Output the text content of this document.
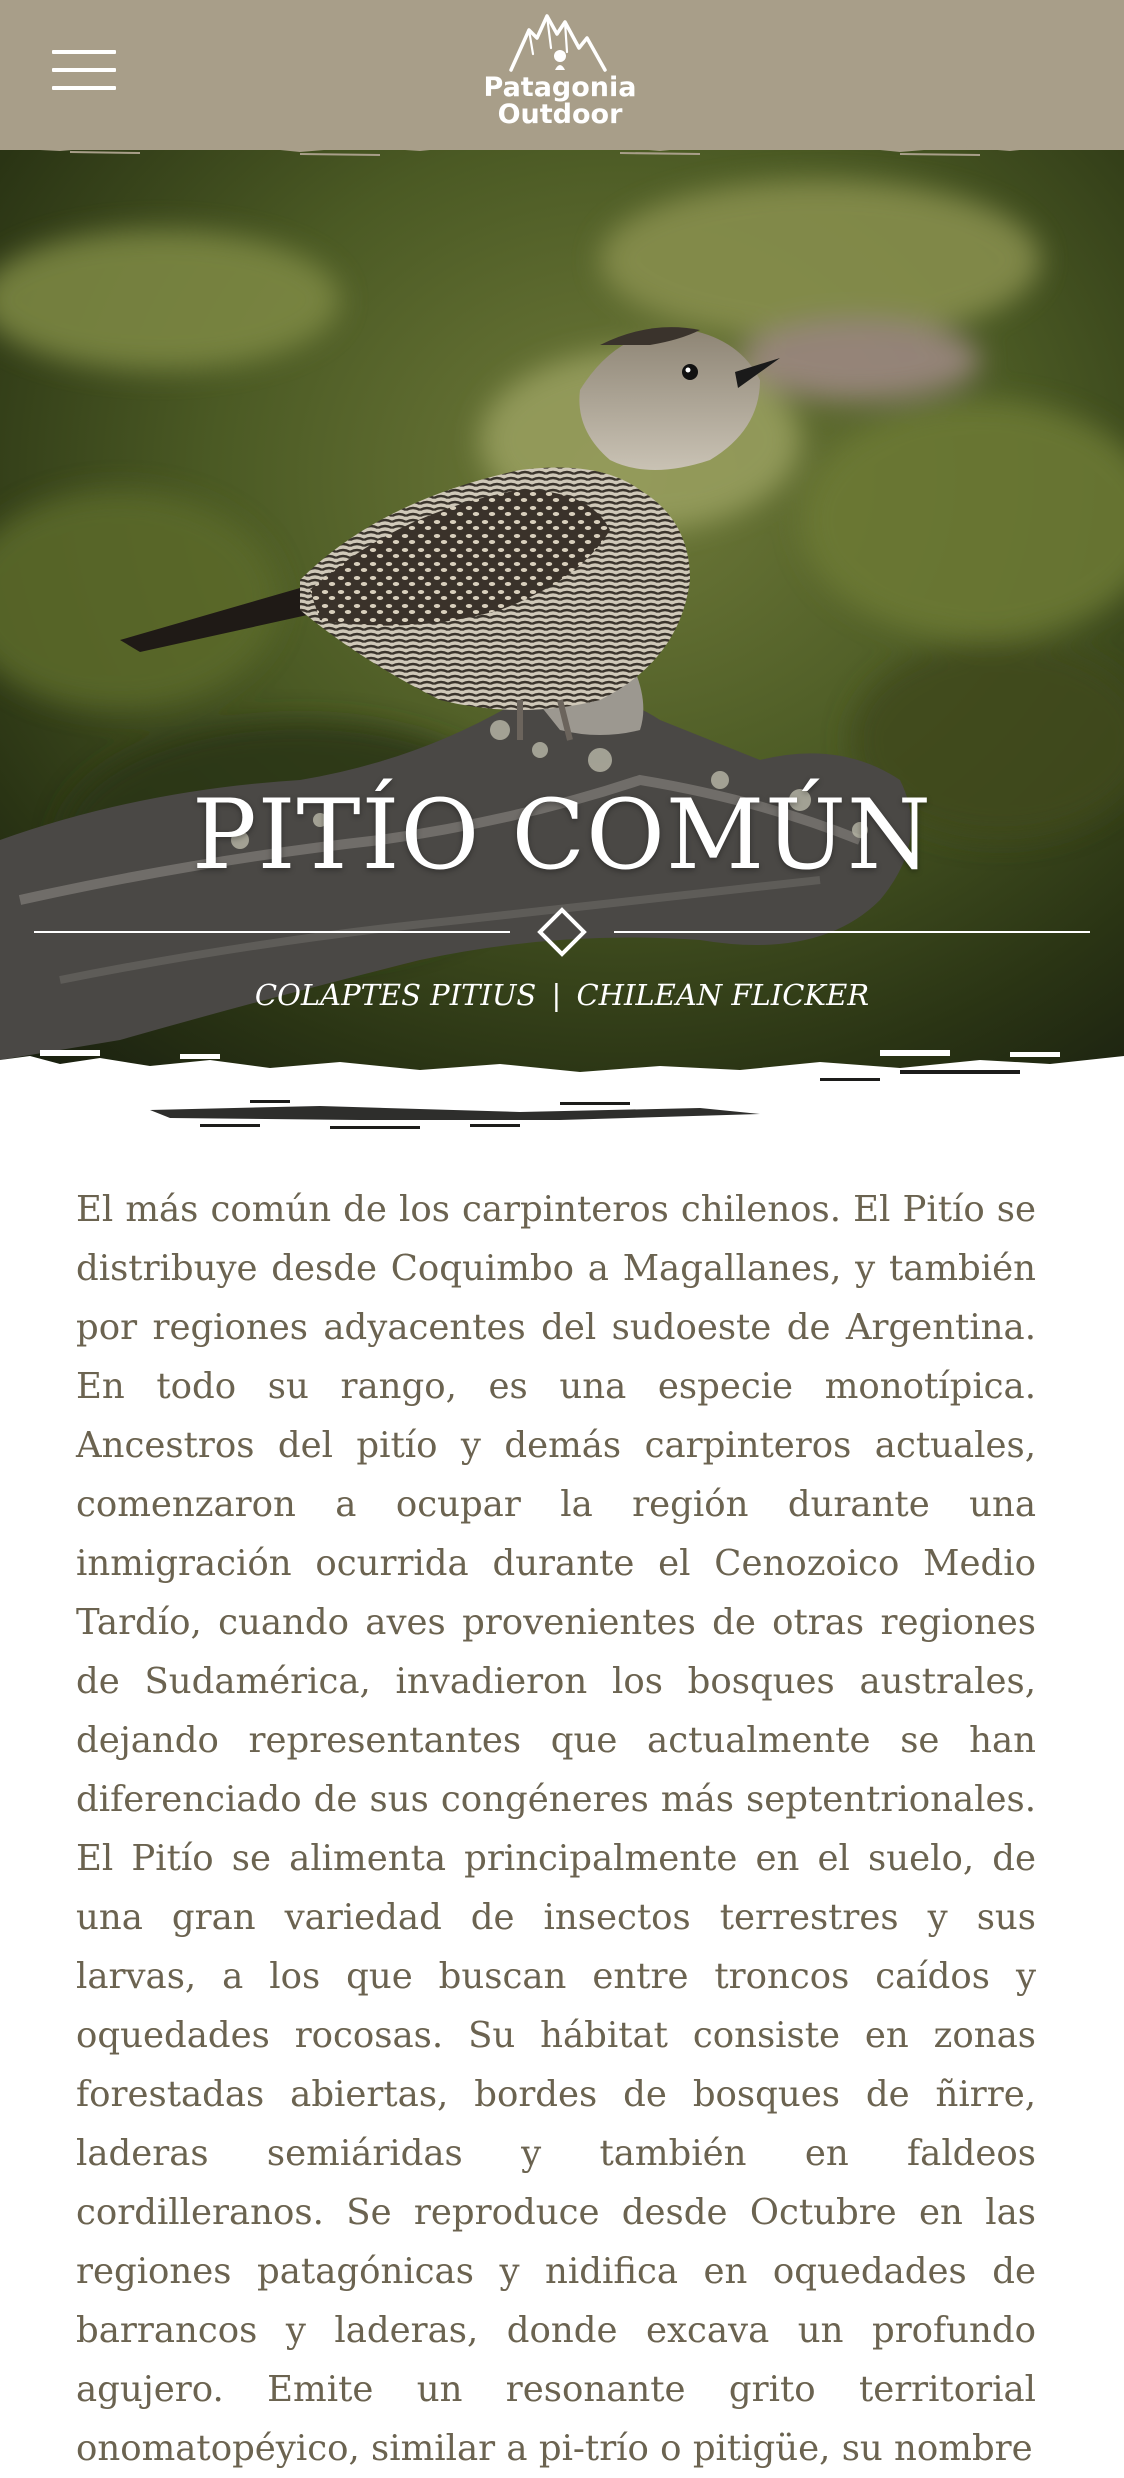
Patagonia
Outdoor
PITÍO COMÚN
COLAPTES PITIUS | CHILEAN FLICKER
El más común de los carpinteros chilenos. El Pitío se distribuye desde Coquimbo a Magallanes, y también por regiones adyacentes del sudoeste de Argentina. En todo su rango, es una especie monotípica. Ancestros del pitío y demás carpinteros actuales, comenzaron a ocupar la región durante una inmigración ocurrida durante el Cenozoico Medio Tardío, cuando aves provenientes de otras regiones de Sudamérica, invadieron los bosques australes, dejando representantes que actualmente se han diferenciado de sus congéneres más septentrionales. El Pitío se alimenta principalmente en el suelo, de una gran variedad de insectos terrestres y sus larvas, a los que buscan entre troncos caídos y oquedades rocosas. Su hábitat consiste en zonas forestadas abiertas, bordes de bosques de ñirre, laderas semiáridas y también en faldeos cordilleranos. Se reproduce desde Octubre en las regiones patagónicas y nidifica en oquedades de barrancos y laderas, donde excava un profundo agujero. Emite un resonante grito territorial onomatopéyico, similar a pi-trío o pitigüe, su nombre
